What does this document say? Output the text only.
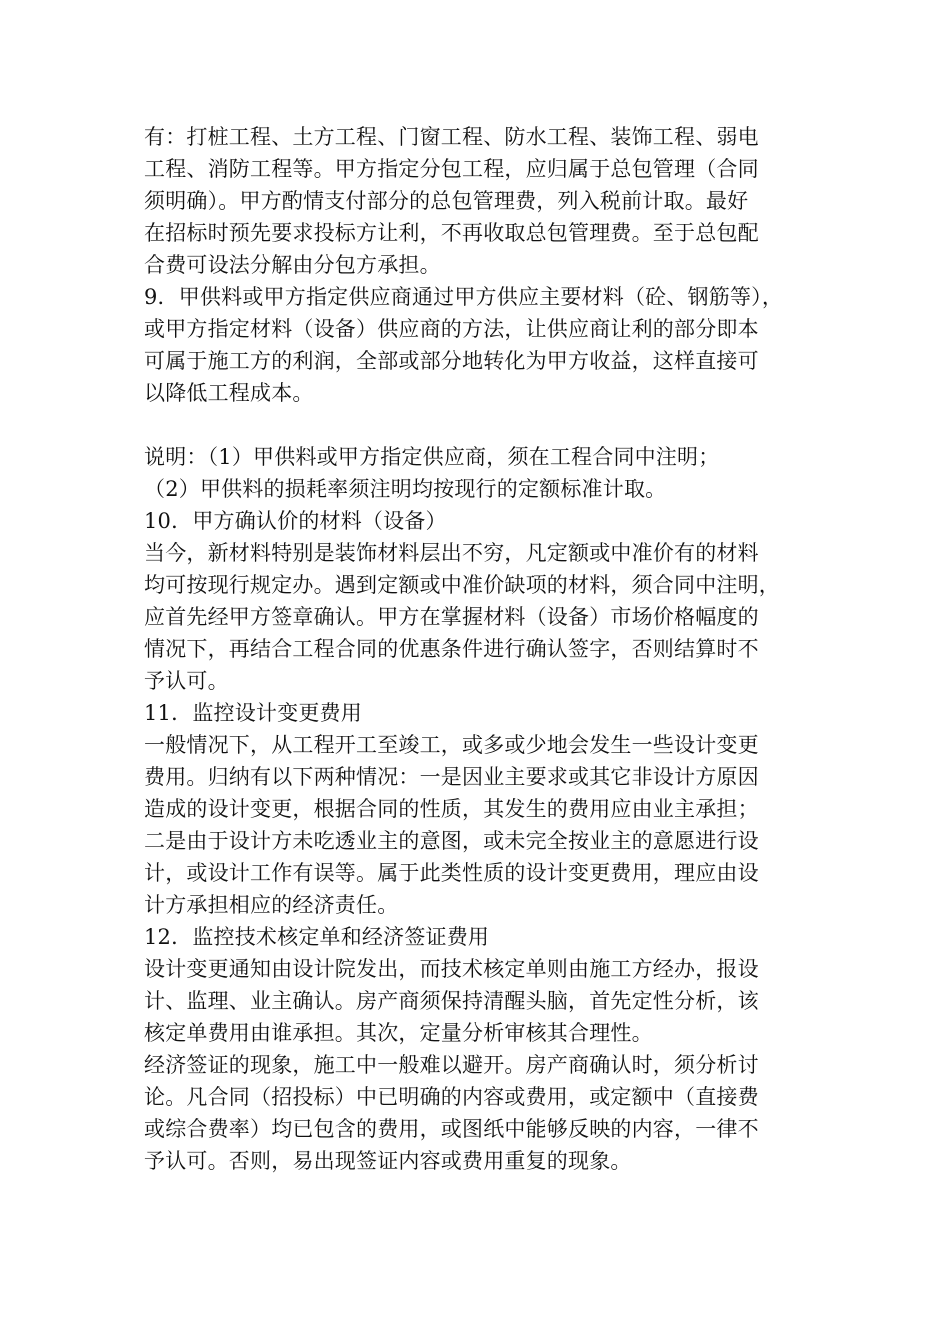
有：打桩工程、土方工程、门窗工程、防水工程、装饰工程、弱电
工程、消防工程等。甲方指定分包工程，应归属于总包管理（合同
须明确）。甲方酌情支付部分的总包管理费，列入税前计取。最好
在招标时预先要求投标方让利，不再收取总包管理费。至于总包配
合费可设法分解由分包方承担。
9．甲供料或甲方指定供应商通过甲方供应主要材料（砼、钢筋等），
或甲方指定材料（设备）供应商的方法，让供应商让利的部分即本
可属于施工方的利润，全部或部分地转化为甲方收益，这样直接可
以降低工程成本。
说明：（1）甲供料或甲方指定供应商，须在工程合同中注明；
（2）甲供料的损耗率须注明均按现行的定额标准计取。
10．甲方确认价的材料（设备）
当今，新材料特别是装饰材料层出不穷，凡定额或中准价有的材料
均可按现行规定办。遇到定额或中准价缺项的材料，须合同中注明，
应首先经甲方签章确认。甲方在掌握材料（设备）市场价格幅度的
情况下，再结合工程合同的优惠条件进行确认签字，否则结算时不
予认可。
11．监控设计变更费用
一般情况下，从工程开工至竣工，或多或少地会发生一些设计变更
费用。归纳有以下两种情况：一是因业主要求或其它非设计方原因
造成的设计变更，根据合同的性质，其发生的费用应由业主承担；
二是由于设计方未吃透业主的意图，或未完全按业主的意愿进行设
计，或设计工作有误等。属于此类性质的设计变更费用，理应由设
计方承担相应的经济责任。
12．监控技术核定单和经济签证费用
设计变更通知由设计院发出，而技术核定单则由施工方经办，报设
计、监理、业主确认。房产商须保持清醒头脑，首先定性分析，该
核定单费用由谁承担。其次，定量分析审核其合理性。
经济签证的现象，施工中一般难以避开。房产商确认时，须分析讨
论。凡合同（招投标）中已明确的内容或费用，或定额中（直接费
或综合费率）均已包含的费用，或图纸中能够反映的内容，一律不
予认可。否则，易出现签证内容或费用重复的现象。
